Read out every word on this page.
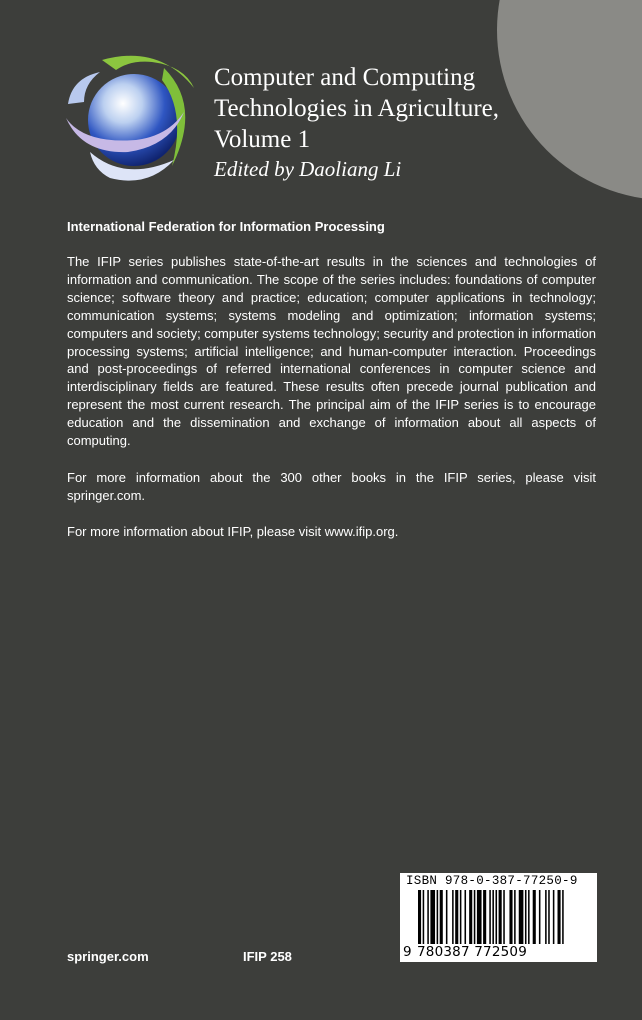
Computer and Computing
Technologies in Agriculture,
Volume 1
Edited by Daoliang Li
International Federation for Information Processing
The IFIP series publishes state-of-the-art results in the sciences and technologies of information and communication. The scope of the series includes: foundations of computer science; software theory and practice; education; computer applications in technology; communication systems; systems modeling and optimization; information systems; computers and society; computer systems technology; security and protection in information processing systems; artificial intelligence; and human-computer interaction. Proceedings and post-proceedings of referred international conferences in computer science and interdisciplinary fields are featured. These results often precede journal publication and represent the most current research. The principal aim of the IFIP series is to encourage education and the dissemination and exchange of information about all aspects of computing.
For more information about the 300 other books in the IFIP series, please visit springer.com.
For more information about IFIP, please visit www.ifip.org.
springer.com	IFIP 258
ISBN 978-0-387-77250-9
9 780387 772509
